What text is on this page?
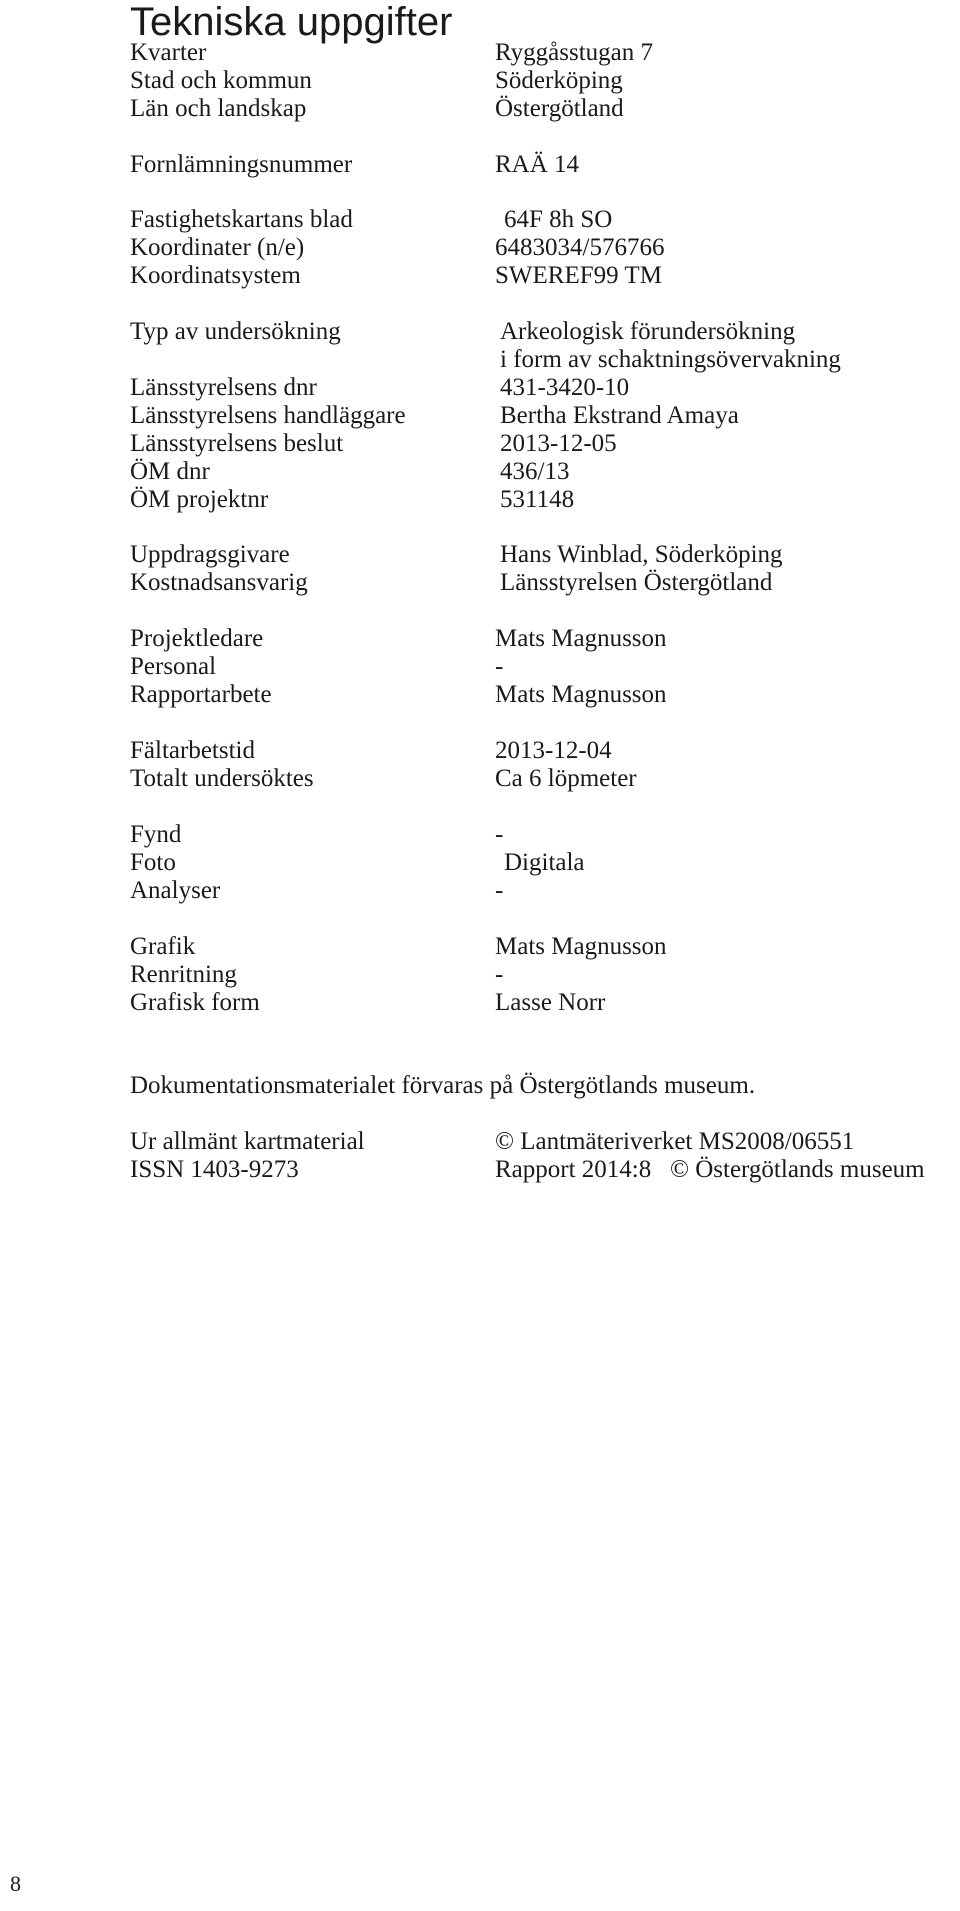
Tekniska uppgifter
Kvarter	Ryggåsstugan 7
Stad och kommun	Söderköping
Län och landskap	Östergötland
Fornlämningsnummer	RAÄ 14
Fastighetskartans blad	64F 8h SO
Koordinater (n/e)	6483034/576766
Koordinatsystem	SWEREF99 TM
Typ av undersökning	Arkeologisk förundersökning
i form av schaktningsövervakning
Länsstyrelsens dnr	431-3420-10
Länsstyrelsens handläggare	Bertha Ekstrand Amaya
Länsstyrelsens beslut	2013-12-05
ÖM dnr	436/13
ÖM projektnr	531148
Uppdragsgivare	Hans Winblad, Söderköping
Kostnadsansvarig	Länsstyrelsen Östergötland
Projektledare	Mats Magnusson
Personal	-
Rapportarbete	Mats Magnusson
Fältarbetstid	2013-12-04
Totalt undersöktes	Ca 6 löpmeter
Fynd	-
Foto	Digitala
Analyser	-
Grafik	Mats Magnusson
Renritning	-
Grafisk form	Lasse Norr
Dokumentationsmaterialet förvaras på Östergötlands museum.
Ur allmänt kartmaterial	© Lantmäteriverket MS2008/06551
ISSN 1403-9273	Rapport 2014:8   © Östergötlands museum
8
